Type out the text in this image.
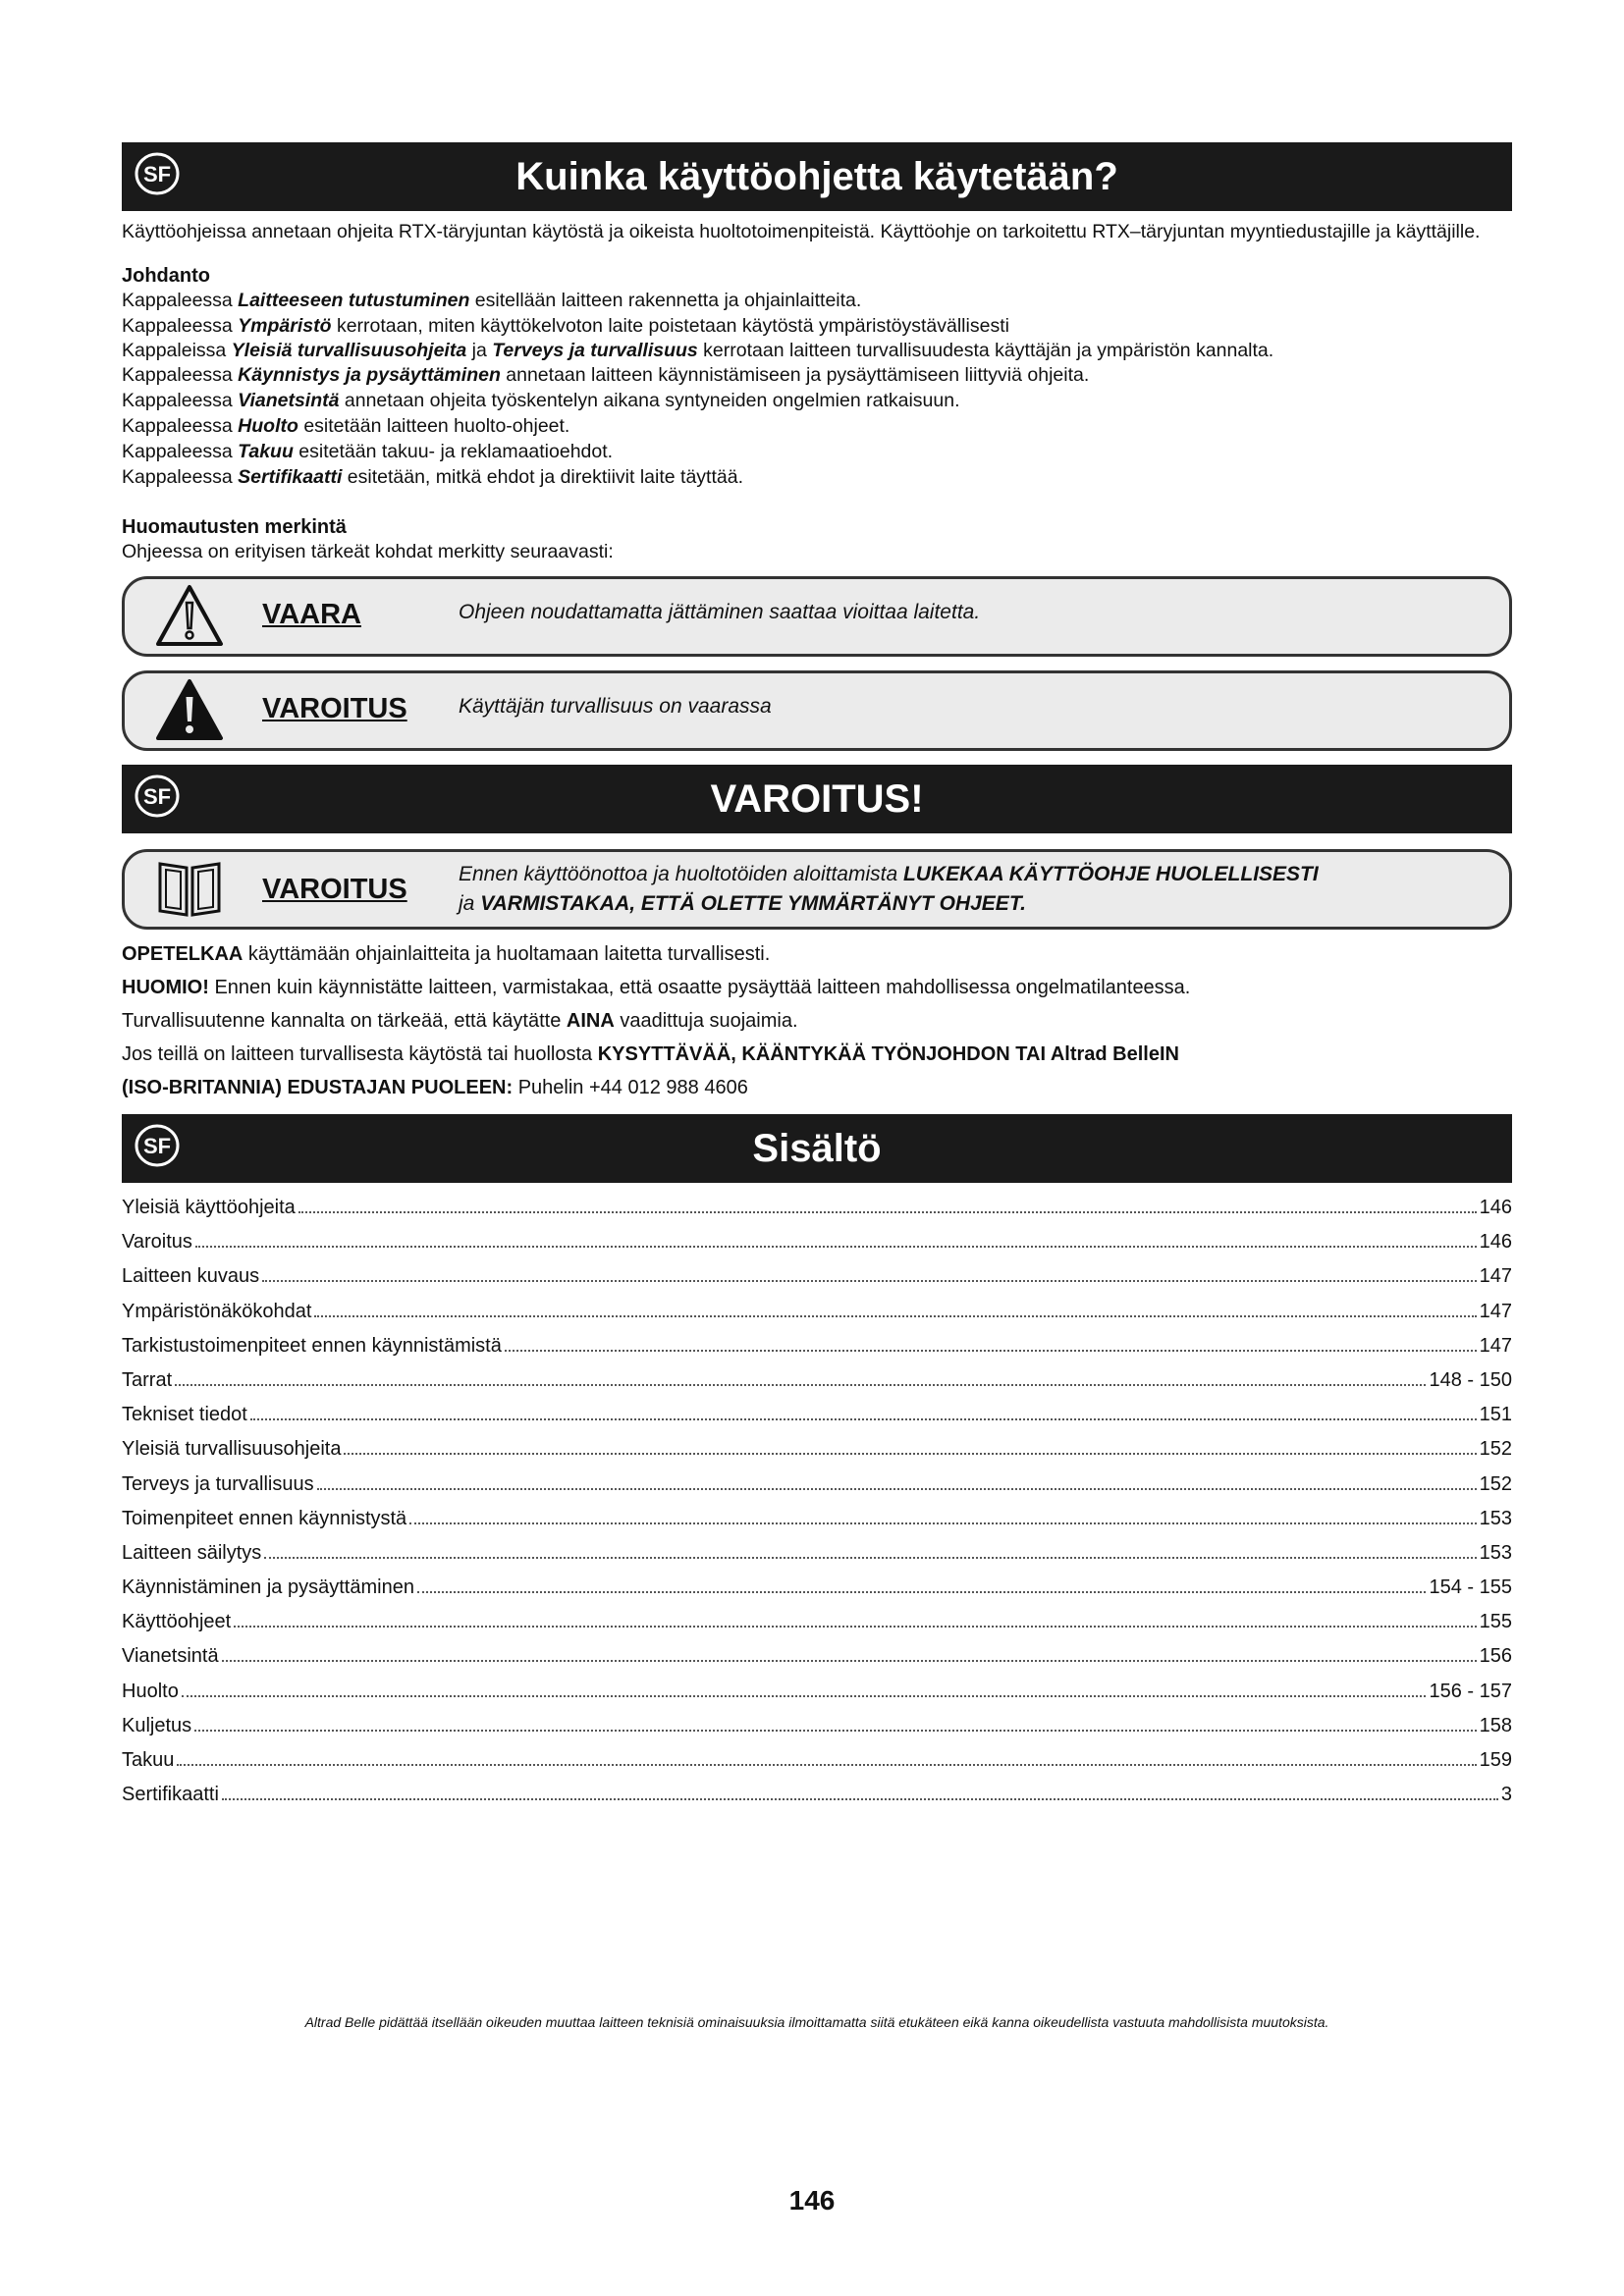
SF	Kuinka käyttöohjetta käytetään?

Käyttöohjeissa annetaan ohjeita RTX-täryjuntan käytöstä ja oikeista huoltotoimenpiteistä. Käyttöohje on tarkoitettu RTX–täryjuntan myyntiedustajille ja käyttäjille.

Johdanto

Kappaleessa Laitteeseen tutustuminen esitellään laitteen rakennetta ja ohjainlaitteita.

Kappaleessa Ympäristö kerrotaan, miten käyttökelvoton laite poistetaan käytöstä ympäristöystävällisesti

Kappaleissa Yleisiä turvallisuusohjeita ja Terveys ja turvallisuus kerrotaan laitteen turvallisuudesta käyttäjän ja ympäristön kannalta.

Kappaleessa Käynnistys ja pysäyttäminen annetaan laitteen käynnistämiseen ja pysäyttämiseen liittyviä ohjeita.

Kappaleessa Vianetsintä annetaan ohjeita työskentelyn aikana syntyneiden ongelmien ratkaisuun.

Kappaleessa Huolto esitetään laitteen huolto-ohjeet.

Kappaleessa Takuu esitetään takuu- ja reklamaatioehdot.

Kappaleessa Sertifikaatti esitetään, mitkä ehdot ja direktiivit laite täyttää.

Huomautusten merkintä

Ohjeessa on erityisen tärkeät kohdat merkitty seuraavasti:

VAARA	Ohjeen noudattamatta jättäminen saattaa vioittaa laitetta.
VAROITUS Käyttäjän turvallisuus on vaarassa
SF	VAROITUS!
VAROITUS Ennen käyttöönottoa ja huoltotöiden aloittamista LUKEKAA KÄYTTÖOHJE HUOLELLISESTI
ja VARMISTAKAA, ETTÄ OLETTE YMMÄRTÄNYT OHJEET.

OPETELKAA käyttämään ohjainlaitteita ja huoltamaan laitetta turvallisesti.

HUOMIO! Ennen kuin käynnistätte laitteen, varmistakaa, että osaatte pysäyttää laitteen mahdollisessa ongelmatilanteessa.

Turvallisuutenne kannalta on tärkeää, että käytätte AINA vaadittuja suojaimia.

Jos teillä on laitteen turvallisesta käytöstä tai huollosta KYSYTTÄVÄÄ, KÄÄNTYKÄÄ TYÖNJOHDON TAI Altrad BelleIN

(ISO-BRITANNIA) EDUSTAJAN PUOLEEN: Puhelin +44 012 988 4606

SF	Sisältö
Yleisiä käyttöohjeita	146
Varoitus	146
Laitteen kuvaus	147
Ympäristönäkökohdat	147
Tarkistustoimenpiteet ennen käynnistämistä	147
Tarrat	148 - 150
Tekniset tiedot	151
Yleisiä turvallisuusohjeita	152
Terveys ja turvallisuus	152
Toimenpiteet ennen käynnistystä	153
Laitteen säilytys	153
Käynnistäminen ja pysäyttäminen	154 - 155
Käyttöohjeet	155
Vianetsintä	156
Huolto	156 - 157
Kuljetus	158
Takuu	159
Sertifikaatti	3
Altrad Belle pidättää itsellään oikeuden muuttaa laitteen teknisiä ominaisuuksia ilmoittamatta siitä etukäteen eikä kanna oikeudellista vastuuta mahdollisista muutoksista.
146
